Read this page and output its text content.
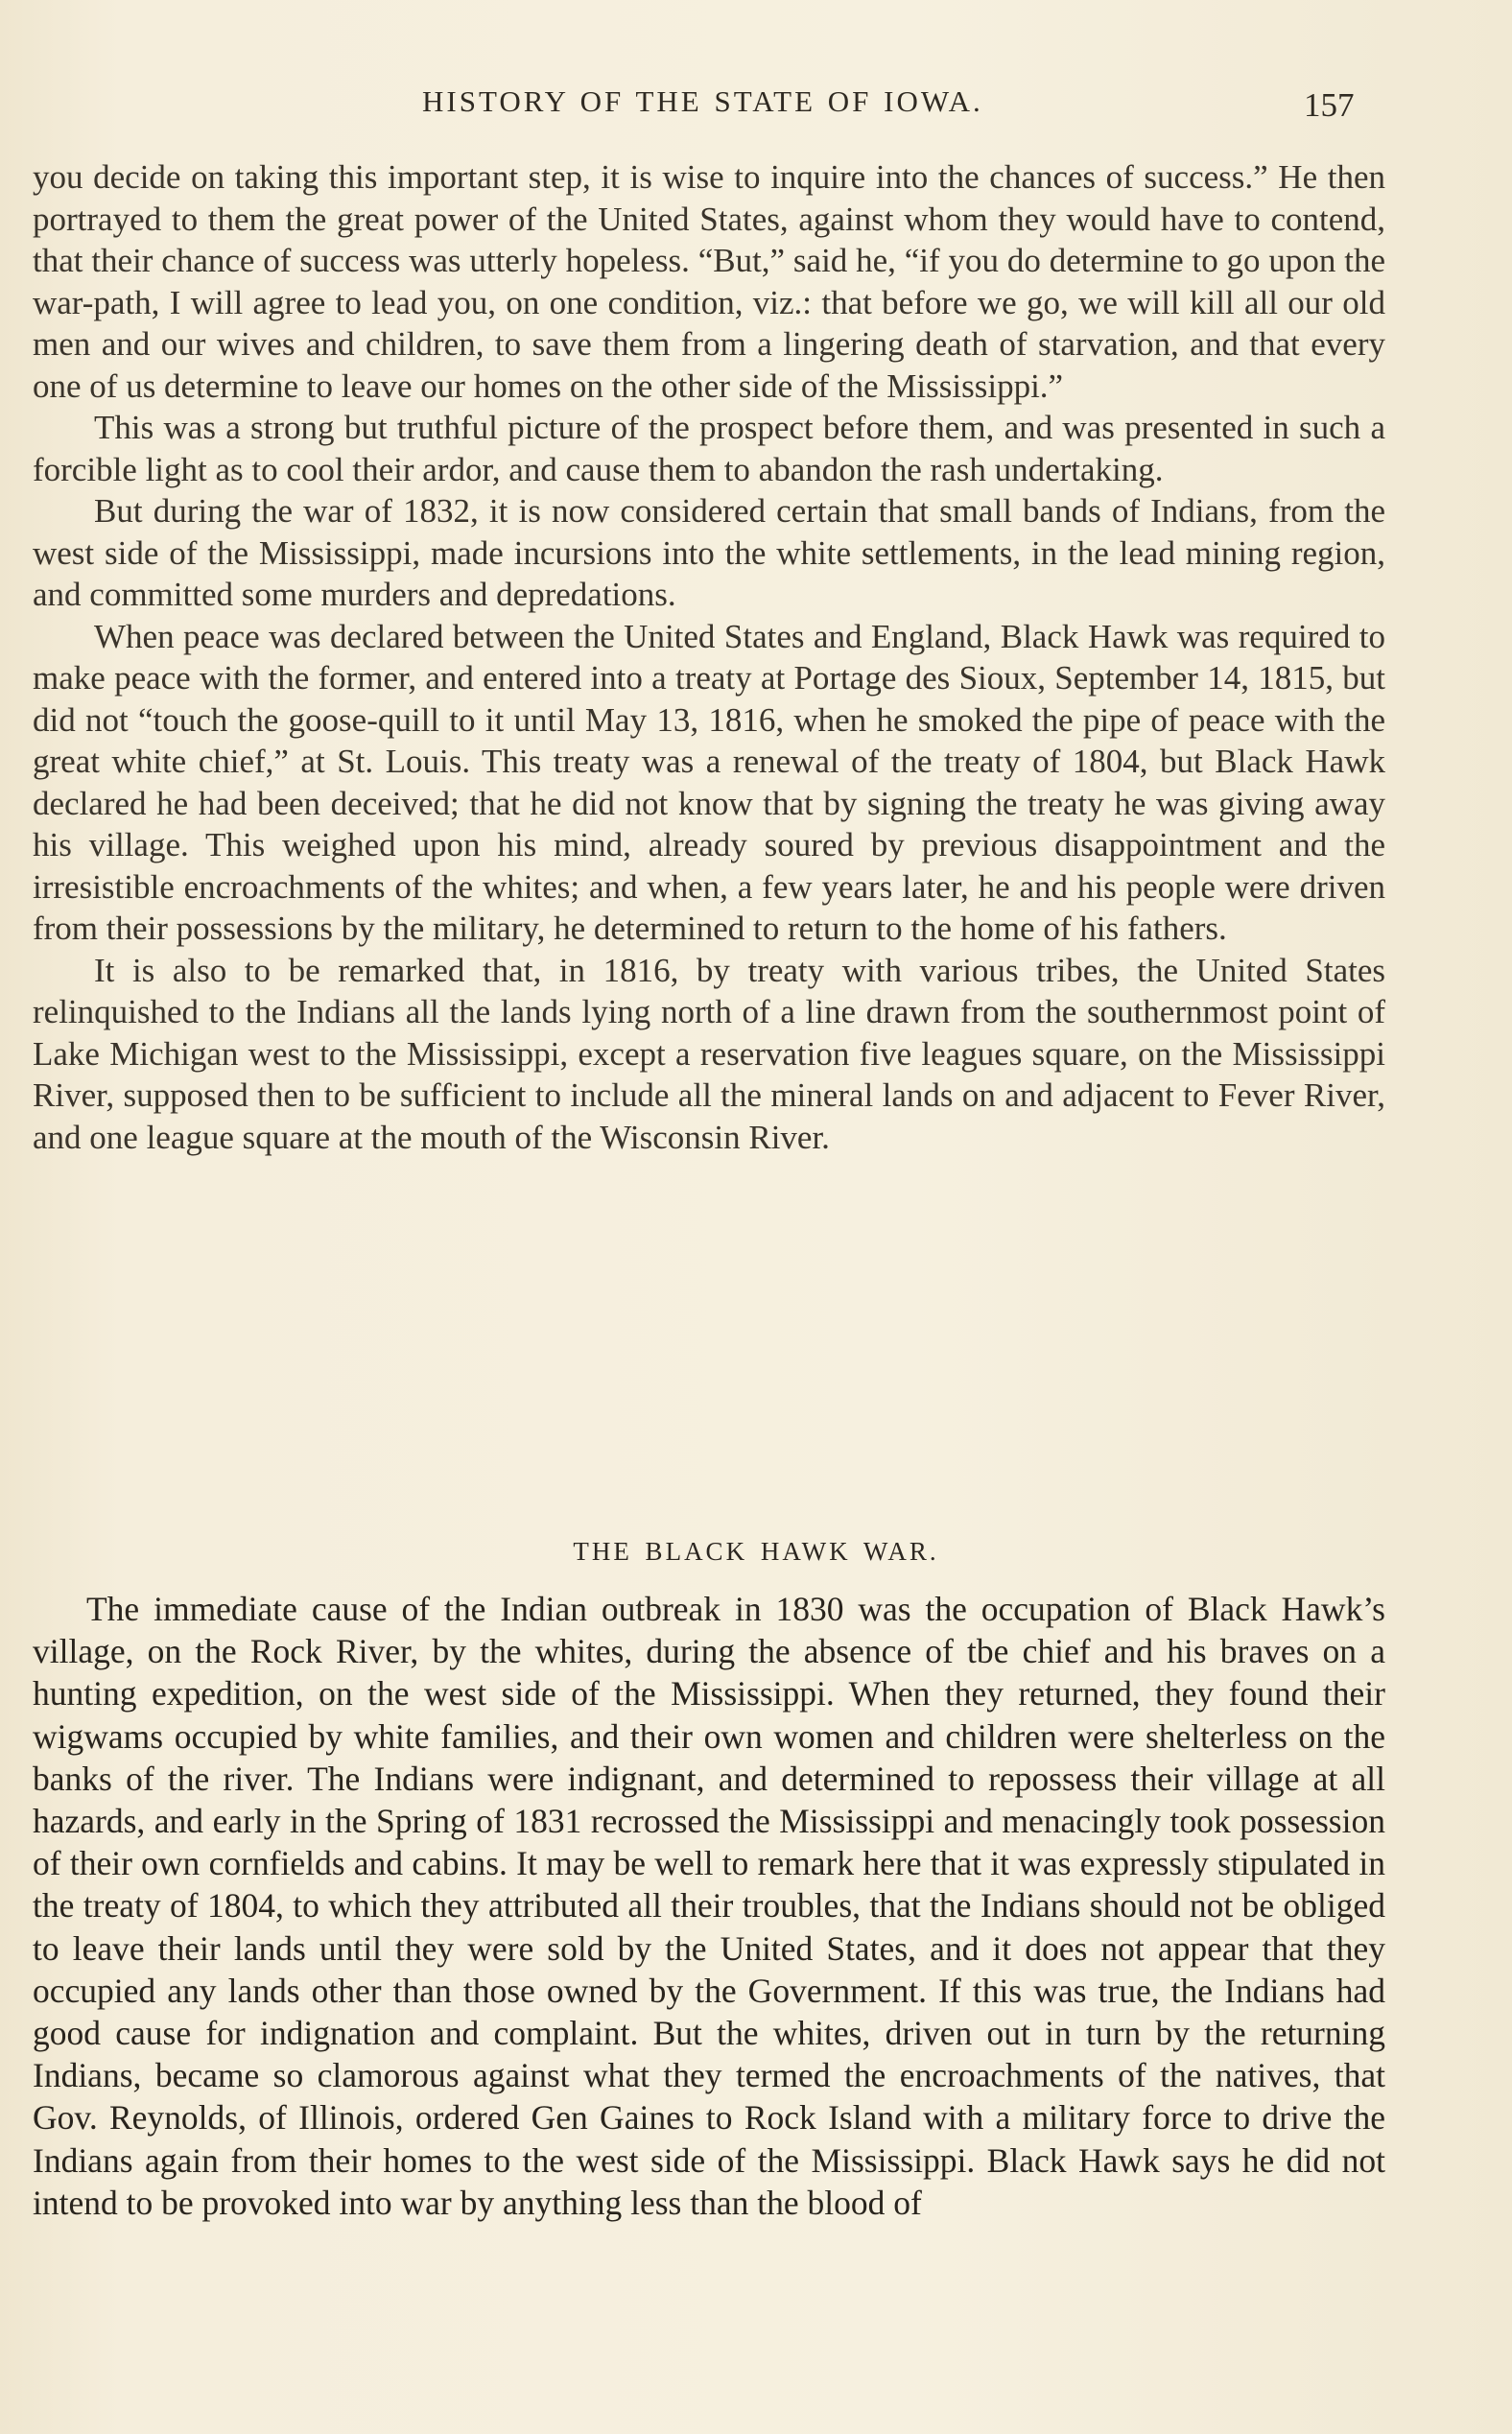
HISTORY OF THE STATE OF IOWA.	157

you decide on taking this important step, it is wise to inquire into the chances of success.” He then portrayed to them the great power of the United States, against whom they would have to contend, that their chance of success was utterly hopeless. “But,” said he, “if you do determine to go upon the war-path, I will agree to lead you, on one condition, viz.: that before we go, we will kill all our old men and our wives and children, to save them from a lingering death of starvation, and that every one of us determine to leave our homes on the other side of the Mississippi.”

This was a strong but truthful picture of the prospect before them, and was presented in such a forcible light as to cool their ardor, and cause them to abandon the rash undertaking.

But during the war of 1832, it is now considered certain that small bands of Indians, from the west side of the Mississippi, made incursions into the white settlements, in the lead mining region, and committed some murders and depredations.

When peace was declared between the United States and England, Black Hawk was required to make peace with the former, and entered into a treaty at Portage des Sioux, September 14, 1815, but did not “touch the goose-quill to it until May 13, 1816, when he smoked the pipe of peace with the great white chief,” at St. Louis. This treaty was a renewal of the treaty of 1804, but Black Hawk declared he had been deceived; that he did not know that by signing the treaty he was giving away his village. This weighed upon his mind, already soured by previous disappointment and the irresistible encroachments of the whites; and when, a few years later, he and his people were driven from their possessions by the military, he determined to return to the home of his fathers.

It is also to be remarked that, in 1816, by treaty with various tribes, the United States relinquished to the Indians all the lands lying north of a line drawn from the southernmost point of Lake Michigan west to the Mississippi, except a reservation five leagues square, on the Mississippi River, supposed then to be sufficient to include all the mineral lands on and adjacent to Fever River, and one league square at the mouth of the Wisconsin River.

THE BLACK HAWK WAR.

The immediate cause of the Indian outbreak in 1830 was the occupation of Black Hawk’s village, on the Rock River, by the whites, during the absence of tbe chief and his braves on a hunting expedition, on the west side of the Mississippi. When they returned, they found their wigwams occupied by white families, and their own women and children were shelterless on the banks of the river. The Indians were indignant, and determined to repossess their village at all hazards, and early in the Spring of 1831 recrossed the Mississippi and menacingly took possession of their own cornfields and cabins. It may be well to remark here that it was expressly stipulated in the treaty of 1804, to which they attributed all their troubles, that the Indians should not be obliged to leave their lands until they were sold by the United States, and it does not appear that they occupied any lands other than those owned by the Government. If this was true, the Indians had good cause for indignation and complaint. But the whites, driven out in turn by the returning Indians, became so clamorous against what they termed the encroachments of the natives, that Gov. Reynolds, of Illinois, ordered Gen Gaines to Rock Island with a military force to drive the Indians again from their homes to the west side of the Mississippi. Black Hawk says he did not intend to be provoked into war by anything less than the blood of
